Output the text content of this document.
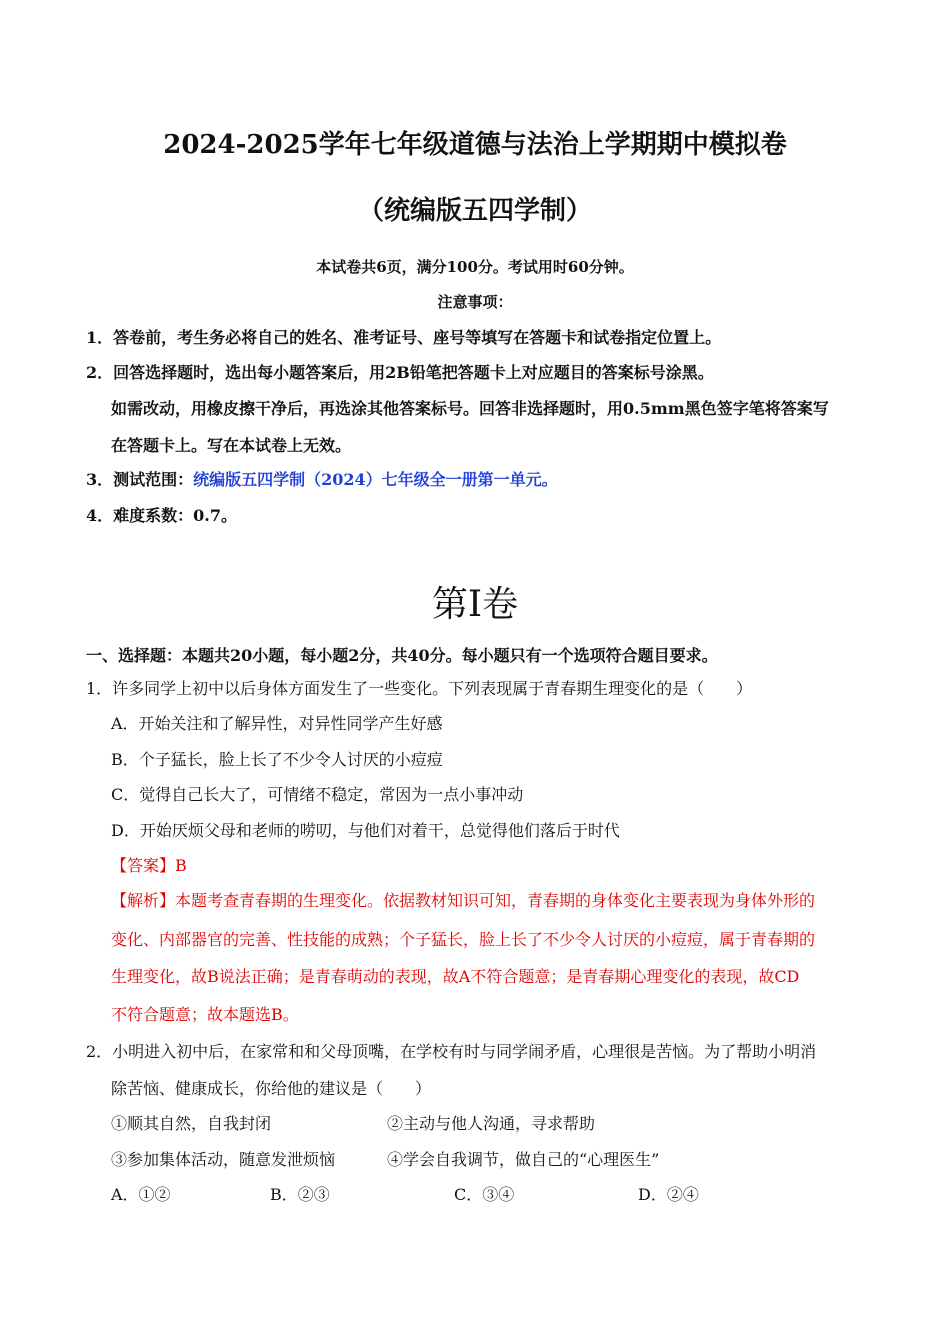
2024-2025学年七年级道德与法治上学期期中模拟卷
（统编版五四学制）
本试卷共6页，满分100分。考试用时60分钟。
注意事项：
1．答卷前，考生务必将自己的姓名、准考证号、座号等填写在答题卡和试卷指定位置上。
2．回答选择题时，选出每小题答案后，用2B铅笔把答题卡上对应题目的答案标号涂黑。
如需改动，用橡皮擦干净后，再选涂其他答案标号。回答非选择题时，用0.5mm黑色签字笔将答案写
在答题卡上。写在本试卷上无效。
3．测试范围：统编版五四学制（2024）七年级全一册第一单元。
4．难度系数：0.7。
第Ⅰ卷
一、选择题：本题共20小题，每小题2分，共40分。每小题只有一个选项符合题目要求。
1．许多同学上初中以后身体方面发生了一些变化。下列表现属于青春期生理变化的是（　　）
A．开始关注和了解异性，对异性同学产生好感
B．个子猛长，脸上长了不少令人讨厌的小痘痘
C．觉得自己长大了，可情绪不稳定，常因为一点小事冲动
D．开始厌烦父母和老师的唠叨，与他们对着干，总觉得他们落后于时代
【答案】B
【解析】本题考查青春期的生理变化。依据教材知识可知，青春期的身体变化主要表现为身体外形的
变化、内部器官的完善、性技能的成熟；个子猛长，脸上长了不少令人讨厌的小痘痘，属于青春期的
生理变化，故B说法正确；是青春萌动的表现，故A不符合题意；是青春期心理变化的表现，故CD
不符合题意；故本题选B。
2．小明进入初中后，在家常和和父母顶嘴，在学校有时与同学闹矛盾，心理很是苦恼。为了帮助小明消
除苦恼、健康成长，你给他的建议是（　　）
①顺其自然，自我封闭	②主动与他人沟通，寻求帮助
③参加集体活动，随意发泄烦恼	④学会自我调节，做自己的“心理医生”
A．①②	B．②③	C．③④	D．②④
